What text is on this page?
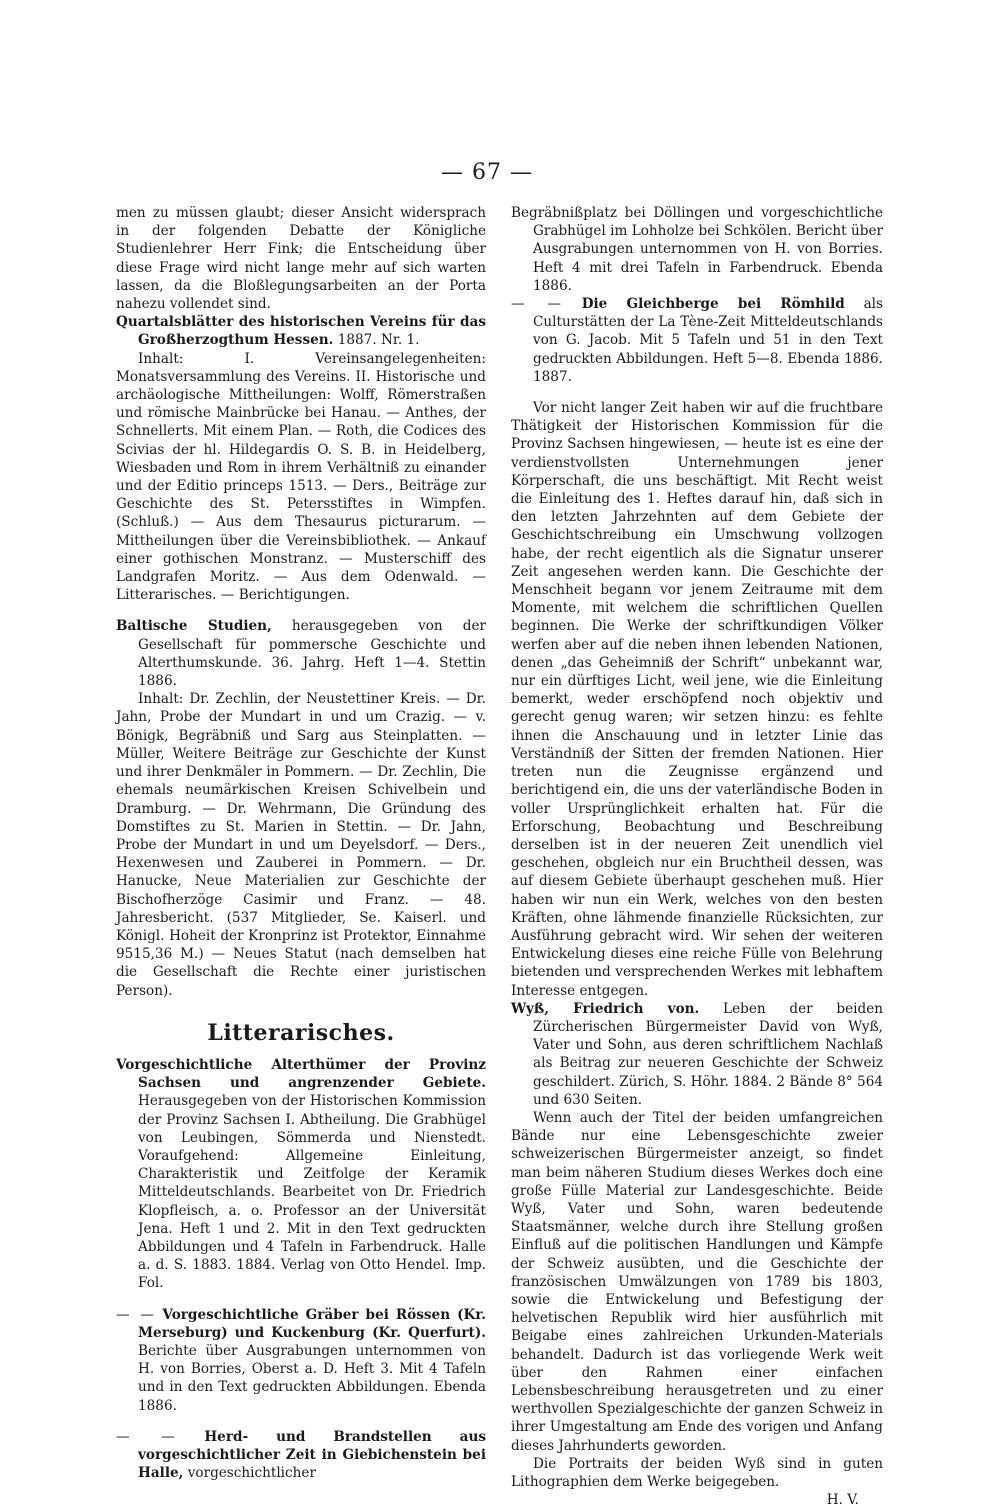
— 67 —

men zu müssen glaubt; dieser Ansicht widersprach in der folgenden Debatte der Königliche Studienlehrer Herr Fink; die Entscheidung über diese Frage wird nicht lange mehr auf sich warten lassen, da die Bloßlegungsarbeiten an der Porta nahezu vollendet sind.

Quartalsblätter des historischen Vereins für das Großherzogthum Hessen. 1887. Nr. 1.

Inhalt: I. Vereinsangelegenheiten: Monatsversammlung des Vereins. II. Historische und archäologische Mittheilungen: Wolff, Römerstraßen und römische Mainbrücke bei Hanau. — Anthes, der Schnellerts. Mit einem Plan. — Roth, die Codices des Scivias der hl. Hildegardis O. S. B. in Heidelberg, Wiesbaden und Rom in ihrem Verhältniß zu einander und der Editio princeps 1513. — Ders., Beiträge zur Geschichte des St. Petersstiftes in Wimpfen. (Schluß.) — Aus dem Thesaurus picturarum. — Mittheilungen über die Vereinsbibliothek. — Ankauf einer gothischen Monstranz. — Musterschiff des Landgrafen Moritz. — Aus dem Odenwald. — Litterarisches. — Berichtigungen.

Baltische Studien, herausgegeben von der Gesellschaft für pommersche Geschichte und Alterthumskunde. 36. Jahrg. Heft 1—4. Stettin 1886.

Inhalt: Dr. Zechlin, der Neustettiner Kreis. — Dr. Jahn, Probe der Mundart in und um Crazig. — v. Bönigk, Begräbniß und Sarg aus Steinplatten. — Müller, Weitere Beiträge zur Geschichte der Kunst und ihrer Denkmäler in Pommern. — Dr. Zechlin, Die ehemals neumärkischen Kreisen Schivelbein und Dramburg. — Dr. Wehrmann, Die Gründung des Domstiftes zu St. Marien in Stettin. — Dr. Jahn, Probe der Mundart in und um Deyelsdorf. — Ders., Hexenwesen und Zauberei in Pommern. — Dr. Hanucke, Neue Materialien zur Geschichte der Bischofherzöge Casimir und Franz. — 48. Jahresbericht. (537 Mitglieder, Se. Kaiserl. und Königl. Hoheit der Kronprinz ist Protektor, Einnahme 9515,36 M.) — Neues Statut (nach demselben hat die Gesellschaft die Rechte einer juristischen Person).

Litterarisches.

Vorgeschichtliche Alterthümer der Provinz Sachsen und angrenzender Gebiete. Herausgegeben von der Historischen Kommission der Provinz Sachsen I. Abtheilung. Die Grabhügel von Leubingen, Sömmerda und Nienstedt. Voraufgehend: Allgemeine Einleitung, Charakteristik und Zeitfolge der Keramik Mitteldeutschlands. Bearbeitet von Dr. Friedrich Klopfleisch, a. o. Professor an der Universität Jena. Heft 1 und 2. Mit in den Text gedruckten Abbildungen und 4 Tafeln in Farbendruck. Halle a. d. S. 1883. 1884. Verlag von Otto Hendel. Imp. Fol.

— — Vorgeschichtliche Gräber bei Rössen (Kr. Merseburg) und Kuckenburg (Kr. Querfurt). Berichte über Ausgrabungen unternommen von H. von Borries, Oberst a. D. Heft 3. Mit 4 Tafeln und in den Text gedruckten Abbildungen. Ebenda 1886.

— — Herd- und Brandstellen aus vorgeschichtlicher Zeit in Giebichenstein bei Halle, vorgeschichtlicher

Begräbnißplatz bei Döllingen und vorgeschichtliche Grabhügel im Lohholze bei Schkölen. Bericht über Ausgrabungen unternommen von H. von Borries. Heft 4 mit drei Tafeln in Farbendruck. Ebenda 1886.

— — Die Gleichberge bei Römhild als Culturstätten der La Tène-Zeit Mitteldeutschlands von G. Jacob. Mit 5 Tafeln und 51 in den Text gedruckten Abbildungen. Heft 5—8. Ebenda 1886. 1887.

Vor nicht langer Zeit haben wir auf die fruchtbare Thätigkeit der Historischen Kommission für die Provinz Sachsen hingewiesen, — heute ist es eine der verdienstvollsten Unternehmungen jener Körperschaft, die uns beschäftigt. Mit Recht weist die Einleitung des 1. Heftes darauf hin, daß sich in den letzten Jahrzehnten auf dem Gebiete der Geschichtschreibung ein Umschwung vollzogen habe, der recht eigentlich als die Signatur unserer Zeit angesehen werden kann. Die Geschichte der Menschheit begann vor jenem Zeitraume mit dem Momente, mit welchem die schriftlichen Quellen beginnen. Die Werke der schriftkundigen Völker werfen aber auf die neben ihnen lebenden Nationen, denen „das Geheimniß der Schrift“ unbekannt war, nur ein dürftiges Licht, weil jene, wie die Einleitung bemerkt, weder erschöpfend noch objektiv und gerecht genug waren; wir setzen hinzu: es fehlte ihnen die Anschauung und in letzter Linie das Verständniß der Sitten der fremden Nationen. Hier treten nun die Zeugnisse ergänzend und berichtigend ein, die uns der vaterländische Boden in voller Ursprünglichkeit erhalten hat. Für die Erforschung, Beobachtung und Beschreibung derselben ist in der neueren Zeit unendlich viel geschehen, obgleich nur ein Bruchtheil dessen, was auf diesem Gebiete überhaupt geschehen muß. Hier haben wir nun ein Werk, welches von den besten Kräften, ohne lähmende finanzielle Rücksichten, zur Ausführung gebracht wird. Wir sehen der weiteren Entwickelung dieses eine reiche Fülle von Belehrung bietenden und versprechenden Werkes mit lebhaftem Interesse entgegen.

Wyß, Friedrich von. Leben der beiden Zürcherischen Bürgermeister David von Wyß, Vater und Sohn, aus deren schriftlichem Nachlaß als Beitrag zur neueren Geschichte der Schweiz geschildert. Zürich, S. Höhr. 1884. 2 Bände 8° 564 und 630 Seiten.

Wenn auch der Titel der beiden umfangreichen Bände nur eine Lebensgeschichte zweier schweizerischen Bürgermeister anzeigt, so findet man beim näheren Studium dieses Werkes doch eine große Fülle Material zur Landesgeschichte. Beide Wyß, Vater und Sohn, waren bedeutende Staatsmänner, welche durch ihre Stellung großen Einfluß auf die politischen Handlungen und Kämpfe der Schweiz ausübten, und die Geschichte der französischen Umwälzungen von 1789 bis 1803, sowie die Entwickelung und Befestigung der helvetischen Republik wird hier ausführlich mit Beigabe eines zahlreichen Urkunden-Materials behandelt. Dadurch ist das vorliegende Werk weit über den Rahmen einer einfachen Lebensbeschreibung herausgetreten und zu einer werthvollen Spezialgeschichte der ganzen Schweiz in ihrer Umgestaltung am Ende des vorigen und Anfang dieses Jahrhunderts geworden.

Die Portraits der beiden Wyß sind in guten Lithographien dem Werke beigegeben.

H. V.
